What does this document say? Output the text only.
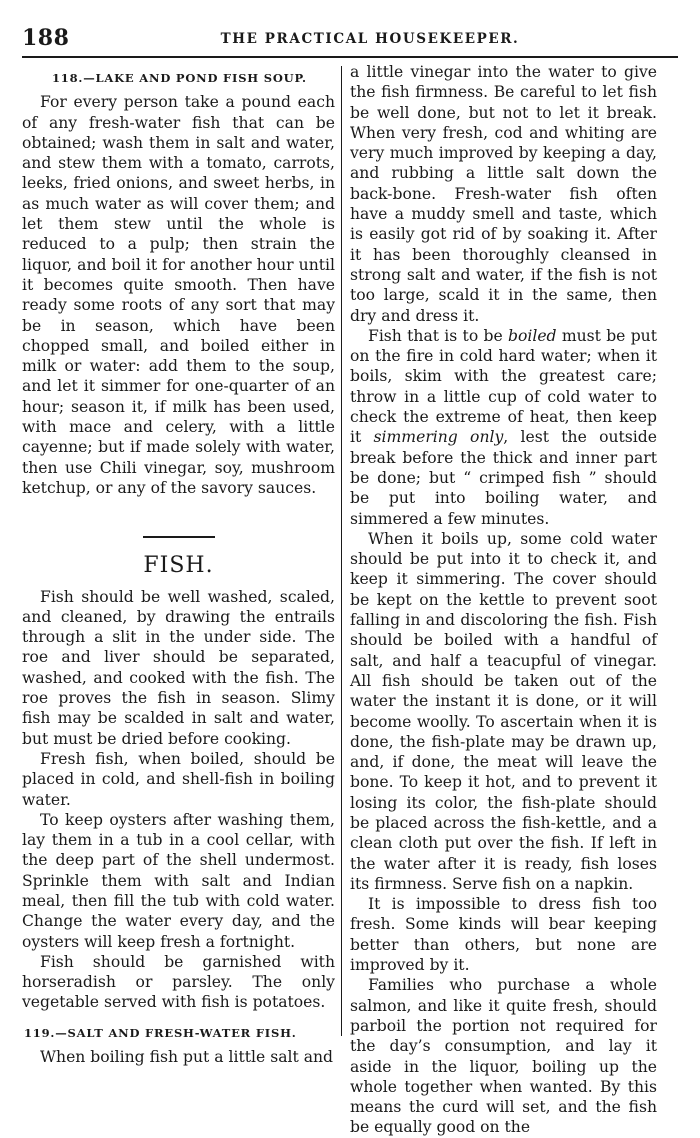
188	THE PRACTICAL HOUSEKEEPER.
118.—LAKE AND POND FISH SOUP.

For every person take a pound each of any fresh-water fish that can be obtained; wash them in salt and water, and stew them with a tomato, carrots, leeks, fried onions, and sweet herbs, in as much water as will cover them; and let them stew until the whole is reduced to a pulp; then strain the liquor, and boil it for another hour until it becomes quite smooth. Then have ready some roots of any sort that may be in season, which have been chopped small, and boiled either in milk or water: add them to the soup, and let it simmer for one-quarter of an hour; season it, if milk has been used, with mace and celery, with a little cayenne; but if made solely with water, then use Chili vinegar, soy, mushroom ketchup, or any of the savory sauces.

FISH.

Fish should be well washed, scaled, and cleaned, by drawing the entrails through a slit in the under side. The roe and liver should be separated, washed, and cooked with the fish. The roe proves the fish in season. Slimy fish may be scalded in salt and water, but must be dried before cooking.

Fresh fish, when boiled, should be placed in cold, and shell-fish in boiling water.

To keep oysters after washing them, lay them in a tub in a cool cellar, with the deep part of the shell undermost. Sprinkle them with salt and Indian meal, then fill the tub with cold water. Change the water every day, and the oysters will keep fresh a fortnight.

Fish should be garnished with horseradish or parsley. The only vegetable served with fish is potatoes.

119.—SALT AND FRESH-WATER FISH.

When boiling fish put a little salt and

a little vinegar into the water to give the fish firmness. Be careful to let fish be well done, but not to let it break. When very fresh, cod and whiting are very much improved by keeping a day, and rubbing a little salt down the back-bone. Fresh-water fish often have a muddy smell and taste, which is easily got rid of by soaking it. After it has been thoroughly cleansed in strong salt and water, if the fish is not too large, scald it in the same, then dry and dress it.

Fish that is to be boiled must be put on the fire in cold hard water; when it boils, skim with the greatest care; throw in a little cup of cold water to check the extreme of heat, then keep it simmering only, lest the outside break before the thick and inner part be done; but “ crimped fish ” should be put into boiling water, and simmered a few minutes.

When it boils up, some cold water should be put into it to check it, and keep it simmering. The cover should be kept on the kettle to prevent soot falling in and discoloring the fish. Fish should be boiled with a handful of salt, and half a teacupful of vinegar. All fish should be taken out of the water the instant it is done, or it will become woolly. To ascertain when it is done, the fish-plate may be drawn up, and, if done, the meat will leave the bone. To keep it hot, and to prevent it losing its color, the fish-plate should be placed across the fish-kettle, and a clean cloth put over the fish. If left in the water after it is ready, fish loses its firmness. Serve fish on a napkin.

It is impossible to dress fish too fresh. Some kinds will bear keeping better than others, but none are improved by it.

Families who purchase a whole salmon, and like it quite fresh, should parboil the portion not required for the day’s consumption, and lay it aside in the liquor, boiling up the whole together when wanted. By this means the curd will set, and the fish be equally good on the
